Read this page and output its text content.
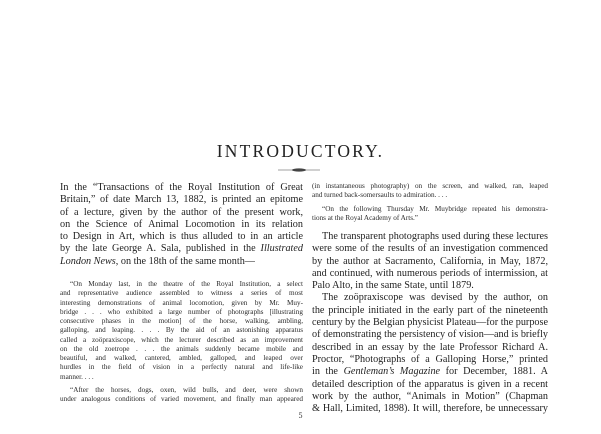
INTRODUCTORY.
In the “Transactions of the Royal Institution of Great
Britain,” of date March 13, 1882, is printed an epitome
of a lecture, given by the author of the present work,
on the Science of Animal Locomotion in its relation
to Design in Art, which is thus alluded to in an article
by the late George A. Sala, published in the Illustrated
London News, on the 18th of the same month—
“On Monday last, in the theatre of the Royal Institution, a select
and representative audience assembled to witness a series of most
interesting demonstrations of animal locomotion, given by Mr. Muy-
bridge . . . who exhibited a large number of photographs [illustrating
consecutive phases in the motion] of the horse, walking, ambling,
galloping, and leaping. . . . By the aid of an astonishing apparatus
called a zoöpraxiscope, which the lecturer described as an improvement
on the old zoetrope . . . the animals suddenly became mobile and
beautiful, and walked, cantered, ambled, galloped, and leaped over
hurdles in the field of vision in a perfectly natural and life-like
manner. . . .
“After the horses, dogs, oxen, wild bulls, and deer, were shown
under analogous conditions of varied movement, and finally man appeared
(in instantaneous photography) on the screen, and walked, ran, leaped
and turned back-somersaults to admiration. . . .
“On the following Thursday Mr. Muybridge repeated his demonstra-
tions at the Royal Academy of Arts.”
The transparent photographs used during these lectures
were some of the results of an investigation commenced
by the author at Sacramento, California, in May, 1872,
and continued, with numerous periods of intermission, at
Palo Alto, in the same State, until 1879.
The zoöpraxiscope was devised by the author, on
the principle initiated in the early part of the nineteenth
century by the Belgian physicist Plateau—for the purpose
of demonstrating the persistency of vision—and is briefly
described in an essay by the late Professor Richard A.
Proctor, “Photographs of a Galloping Horse,” printed
in the Gentleman’s Magazine for December, 1881. A
detailed description of the apparatus is given in a recent
work by the author, “Animals in Motion” (Chapman
& Hall, Limited, 1898). It will, therefore, be unnecessary
5
